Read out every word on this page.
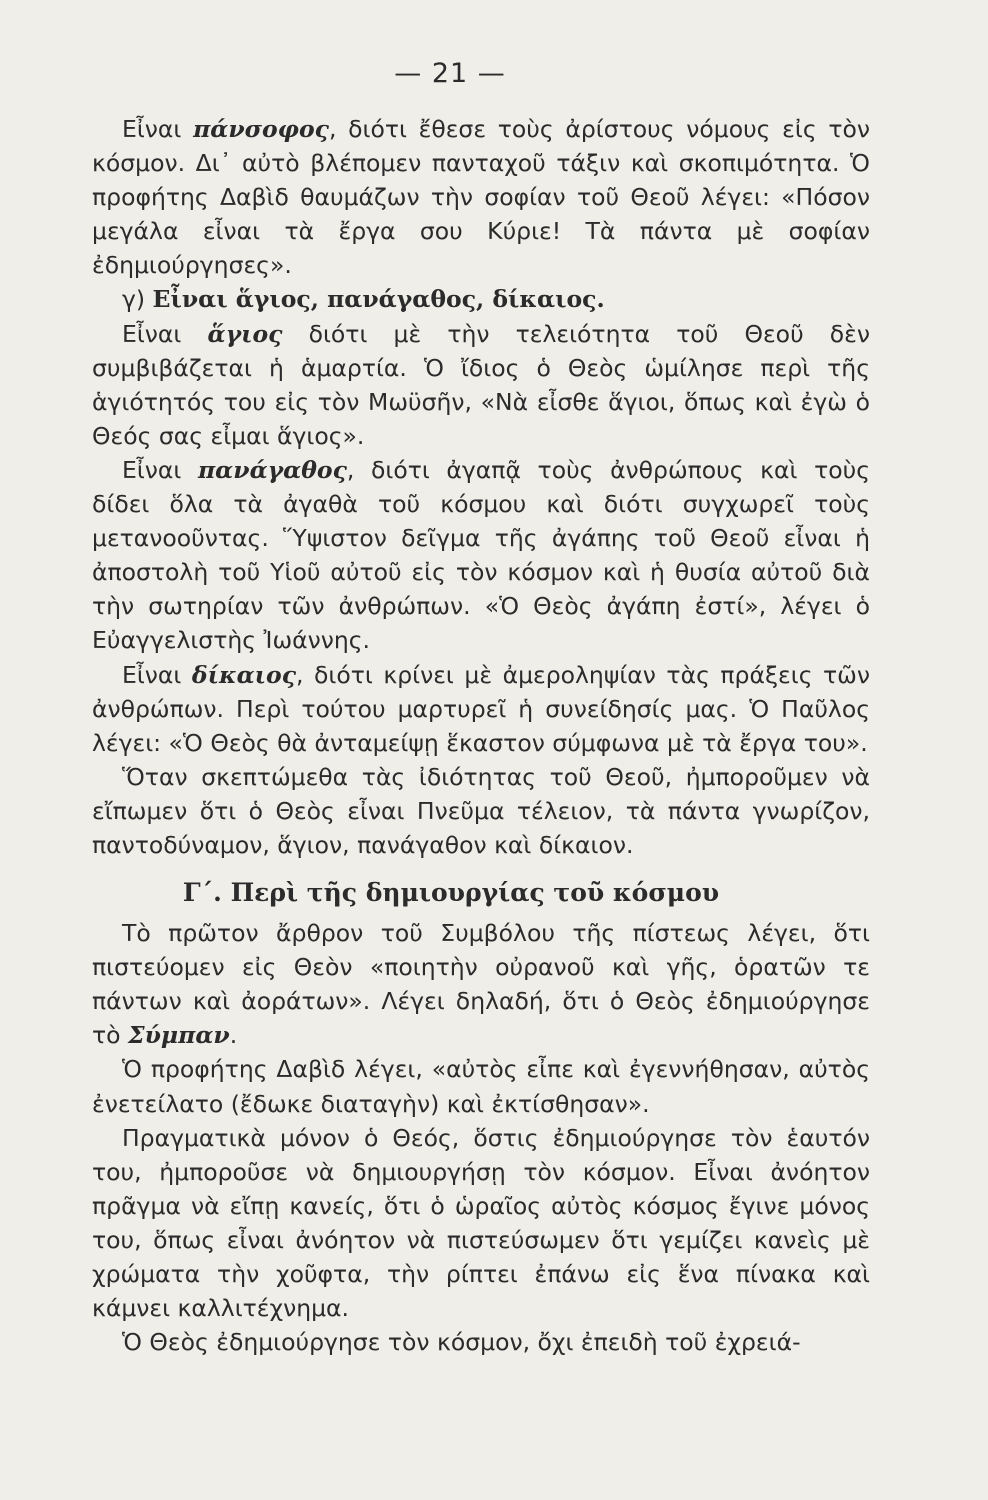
— 21 —

Εἶναι πάνσοφος, διότι ἔθεσε τοὺς ἀρίστους νόμους εἰς τὸν κόσμον. Δι᾽ αὐτὸ βλέπομεν πανταχοῦ τάξιν καὶ σκοπιμότητα. Ὁ προφήτης Δαβὶδ θαυμάζων τὴν σοφίαν τοῦ Θεοῦ λέγει: «Πόσον μεγάλα εἶναι τὰ ἔργα σου Κύριε! Τὰ πάντα μὲ σοφίαν ἐδημιούργησες».

γ) Εἶναι ἅγιος, πανάγαθος, δίκαιος.

Εἶναι ἅγιος διότι μὲ τὴν τελειότητα τοῦ Θεοῦ δὲν συμβιβάζεται ἡ ἁμαρτία. Ὁ ἴδιος ὁ Θεὸς ὡμίλησε περὶ τῆς ἁγιότητός του εἰς τὸν Μωϋσῆν, «Νὰ εἶσθε ἅγιοι, ὅπως καὶ ἐγὼ ὁ Θεός σας εἶμαι ἅγιος».

Εἶναι πανάγαθος, διότι ἀγαπᾷ τοὺς ἀνθρώπους καὶ τοὺς δίδει ὅλα τὰ ἀγαθὰ τοῦ κόσμου καὶ διότι συγχωρεῖ τοὺς μετανοοῦντας. Ὕψιστον δεῖγμα τῆς ἀγάπης τοῦ Θεοῦ εἶναι ἡ ἀποστολὴ τοῦ Υἱοῦ αὐτοῦ εἰς τὸν κόσμον καὶ ἡ θυσία αὐτοῦ διὰ τὴν σωτηρίαν τῶν ἀνθρώπων. «Ὁ Θεὸς ἀγάπη ἐστί», λέγει ὁ Εὐαγγελιστὴς Ἰωάννης.

Εἶναι δίκαιος, διότι κρίνει μὲ ἀμεροληψίαν τὰς πράξεις τῶν ἀνθρώπων. Περὶ τούτου μαρτυρεῖ ἡ συνείδησίς μας. Ὁ Παῦλος λέγει: «Ὁ Θεὸς θὰ ἀνταμείψῃ ἕκαστον σύμφωνα μὲ τὰ ἔργα του».

Ὅταν σκεπτώμεθα τὰς ἰδιότητας τοῦ Θεοῦ, ἠμποροῦμεν νὰ εἴπωμεν ὅτι ὁ Θεὸς εἶναι Πνεῦμα τέλειον, τὰ πάντα γνωρίζον, παντοδύναμον, ἅγιον, πανάγαθον καὶ δίκαιον.

Γ΄. Περὶ τῆς δημιουργίας τοῦ κόσμου

Τὸ πρῶτον ἄρθρον τοῦ Συμβόλου τῆς πίστεως λέγει, ὅτι πιστεύομεν εἰς Θεὸν «ποιητὴν οὐρανοῦ καὶ γῆς, ὁρατῶν τε πάντων καὶ ἀοράτων». Λέγει δηλαδή, ὅτι ὁ Θεὸς ἐδημιούργησε τὸ Σύμπαν.

Ὁ προφήτης Δαβὶδ λέγει, «αὐτὸς εἶπε καὶ ἐγεννήθησαν, αὐτὸς ἐνετείλατο (ἔδωκε διαταγὴν) καὶ ἐκτίσθησαν».

Πραγματικὰ μόνον ὁ Θεός, ὅστις ἐδημιούργησε τὸν ἑαυτόν του, ἠμποροῦσε νὰ δημιουργήσῃ τὸν κόσμον. Εἶναι ἀνόητον πρᾶγμα νὰ εἴπῃ κανείς, ὅτι ὁ ὡραῖος αὐτὸς κόσμος ἔγινε μόνος του, ὅπως εἶναι ἀνόητον νὰ πιστεύσωμεν ὅτι γεμίζει κανεὶς μὲ χρώματα τὴν χοῦφτα, τὴν ρίπτει ἐπάνω εἰς ἕνα πίνακα καὶ κάμνει καλλιτέχνημα.

Ὁ Θεὸς ἐδημιούργησε τὸν κόσμον, ὄχι ἐπειδὴ τοῦ ἐχρειά-
